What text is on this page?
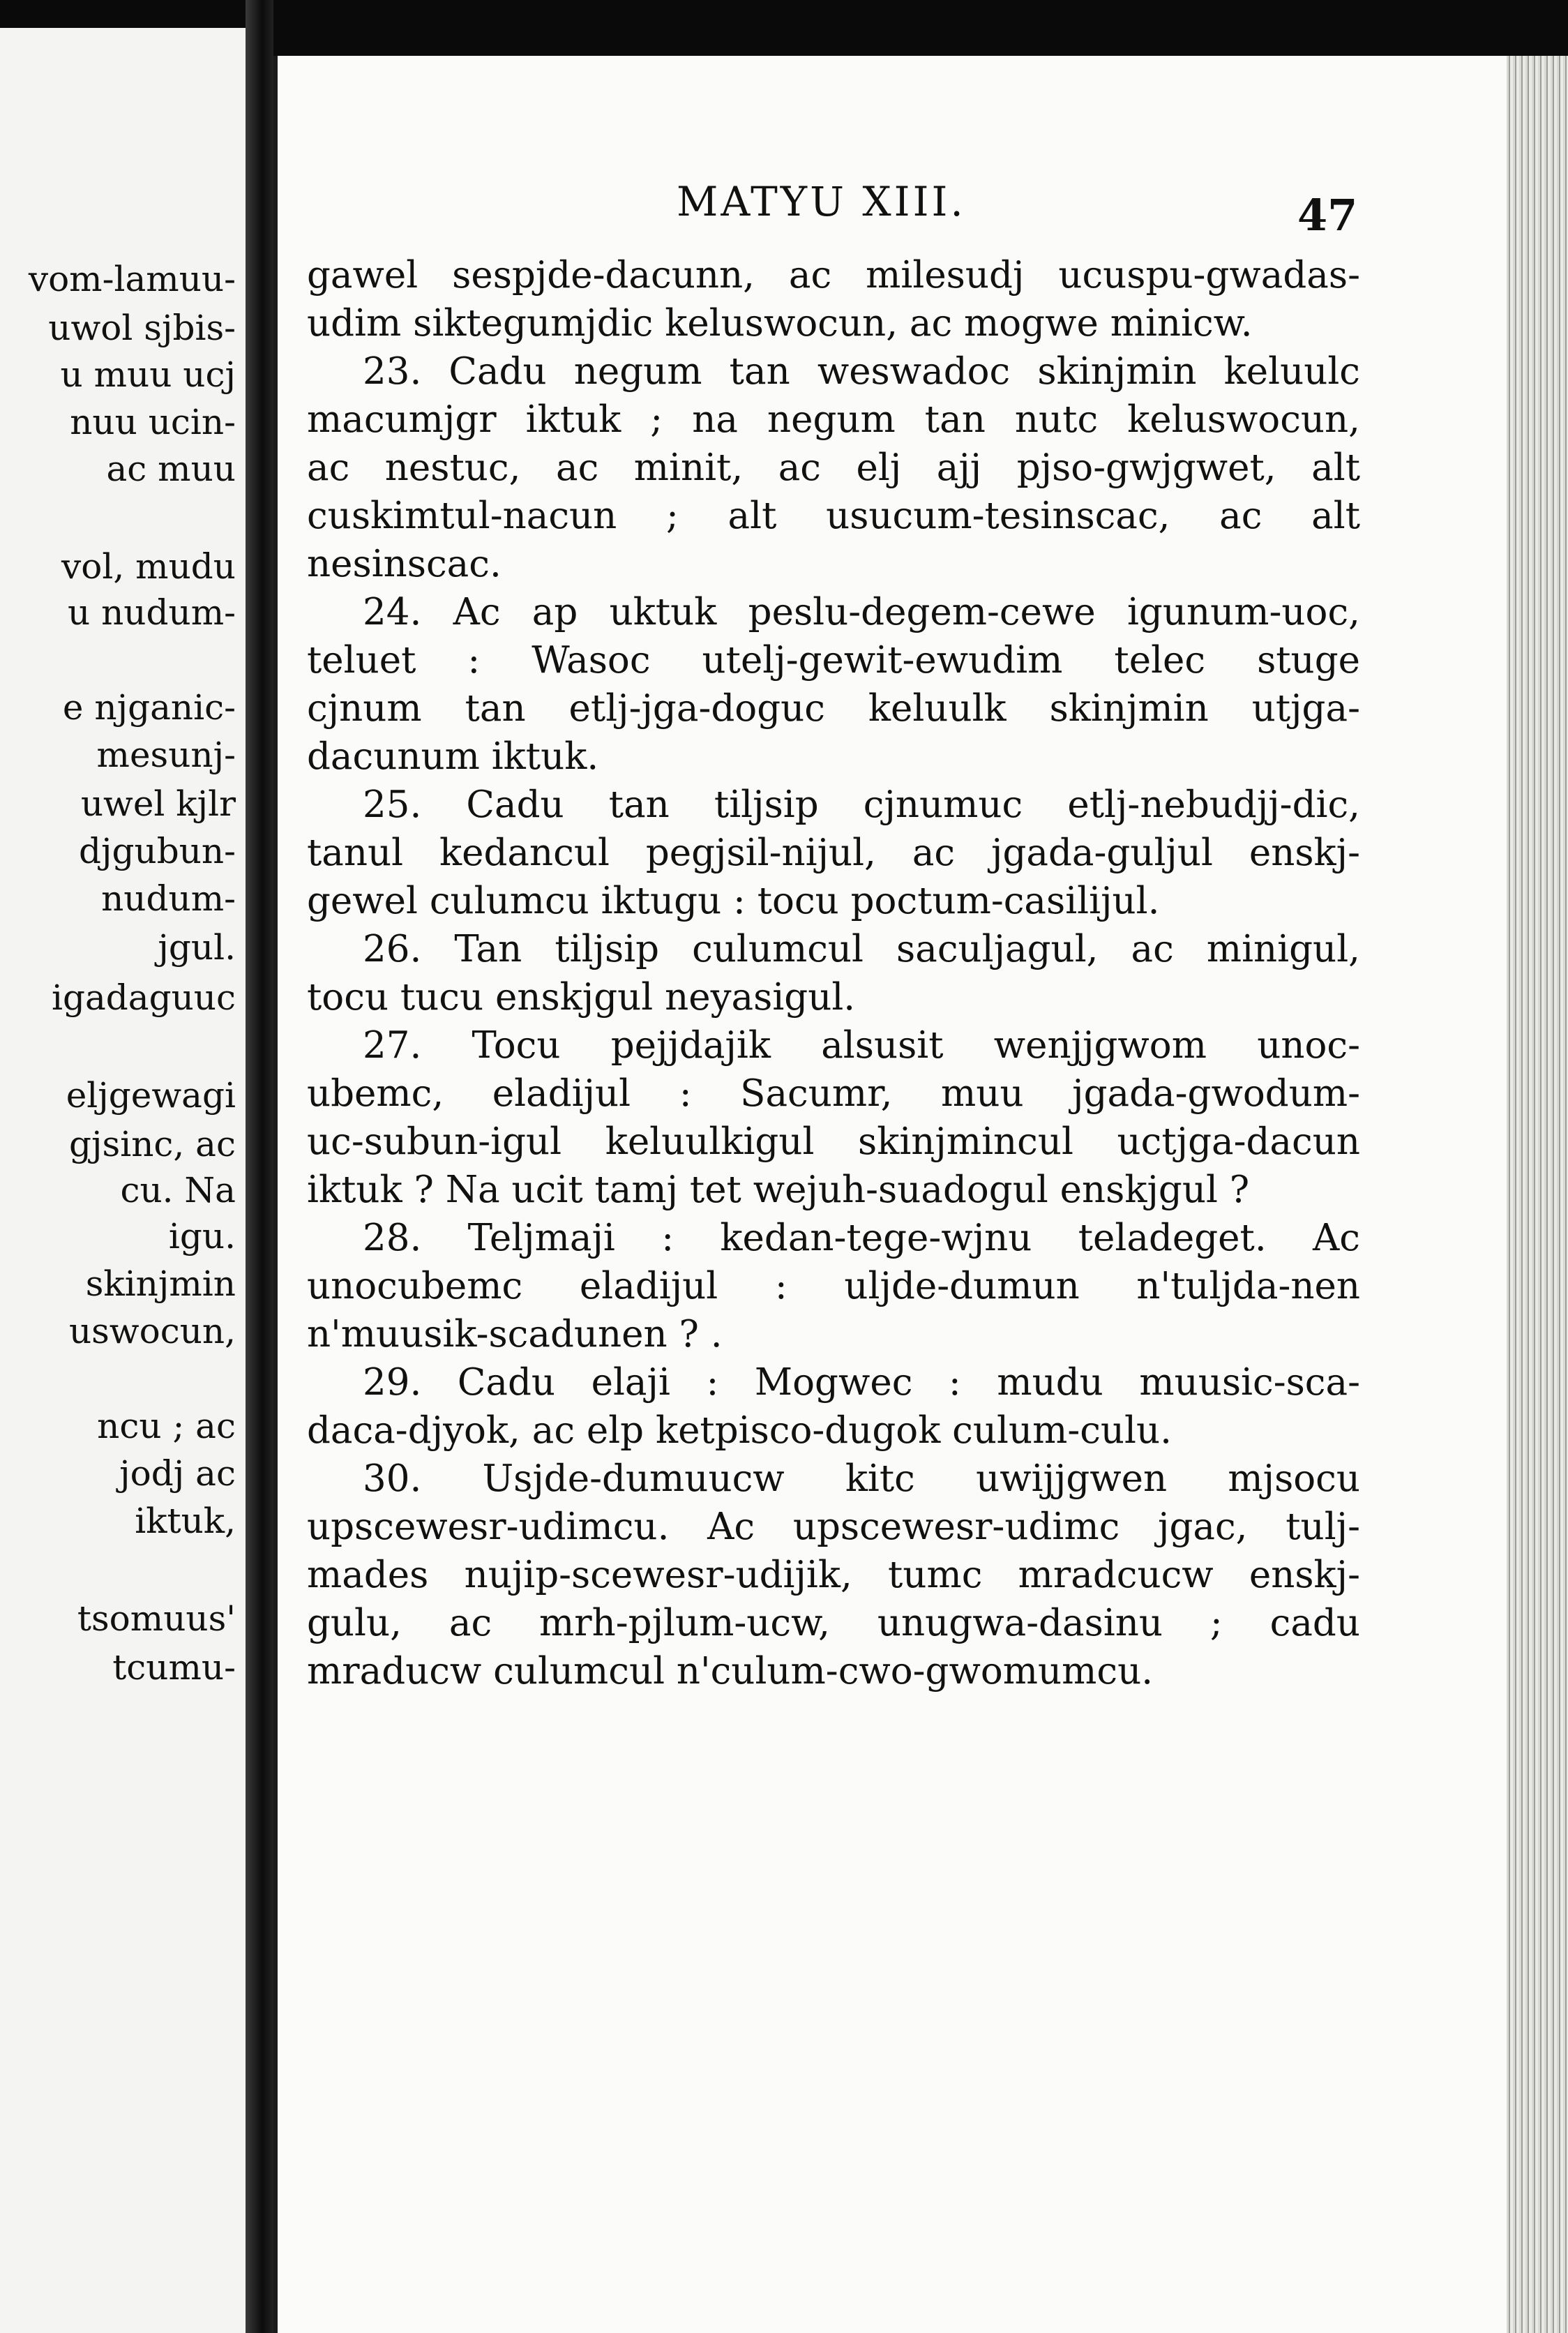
vom-lamuu-
uwol sjbis-
u muu ucj
nuu ucin-
ac muu
vol, mudu
u nudum-
e njganic-
mesunj-
uwel kjlr
djgubun-
nudum-
jgul.
igadaguuc
eljgewagi
gjsinc, ac
cu. Na
igu.
skinjmin
uswocun,
ncu ; ac
jodj ac
iktuk,
tsomuus'
tcumu-
MATYU XIII.	47
gawel sespjde-dacunn, ac milesudj ucuspu-gwadas-
udim siktegumjdic keluswocun, ac mogwe minicw.
23. Cadu negum tan weswadoc skinjmin keluulc
macumjgr iktuk ; na negum tan nutc keluswocun,
ac nestuc, ac minit, ac elj ajj pjso-gwjgwet, alt
cuskimtul-nacun ; alt usucum-tesinscac, ac alt
nesinscac.
24. Ac ap uktuk peslu-degem-cewe igunum-uoc,
teluet : Wasoc utelj-gewit-ewudim telec stuge
cjnum tan etlj-jga-doguc keluulk skinjmin utjga-
dacunum iktuk.
25. Cadu tan tiljsip cjnumuc etlj-nebudjj-dic,
tanul kedancul pegjsil-nijul, ac jgada-guljul enskj-
gewel culumcu iktugu : tocu poctum-casilijul.
26. Tan tiljsip culumcul saculjagul, ac minigul,
tocu tucu enskjgul neyasigul.
27. Tocu pejjdajik alsusit wenjjgwom unoc-
ubemc, eladijul : Sacumr, muu jgada-gwodum-
uc-subun-igul keluulkigul skinjmincul uctjga-dacun
iktuk ? Na ucit tamj tet wejuh-suadogul enskjgul ?
28. Teljmaji : kedan-tege-wjnu teladeget. Ac
unocubemc eladijul : uljde-dumun n'tuljda-nen
n'muusik-scadunen ? .
29. Cadu elaji : Mogwec : mudu muusic-sca-
daca-djyok, ac elp ketpisco-dugok culum-culu.
30. Usjde-dumuucw kitc uwijjgwen mjsocu
upscewesr-udimcu. Ac upscewesr-udimc jgac, tulj-
mades nujip-scewesr-udijik, tumc mradcucw enskj-
gulu, ac mrh-pjlum-ucw, unugwa-dasinu ; cadu
mraducw culumcul n'culum-cwo-gwomumcu.
